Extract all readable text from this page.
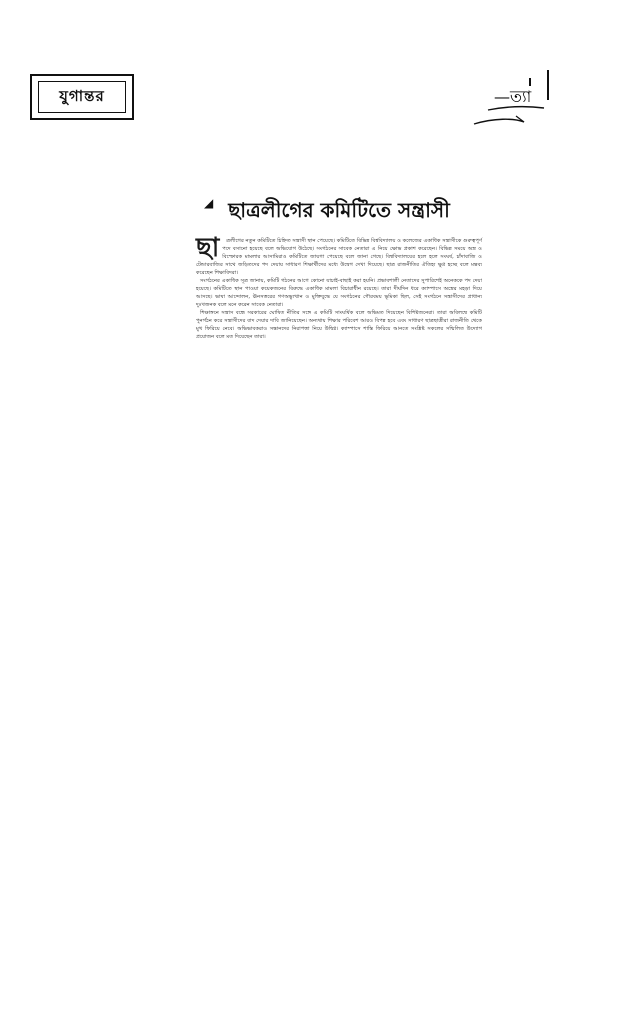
যুগান্তর	—ত্যা
◢ ছাত্রলীগের কমিটিতে সন্ত্রাসী
ছা	ত্রলীগের নতুন কমিটিতে চিহ্নিত সন্ত্রাসী স্থান পেয়েছে। কমিটিতে বিভিন্ন বিশ্ববিদ্যালয় ও কলেজের একাধিক সন্ত্রাসীকে গুরুত্বপূর্ণ পদে বসানো হয়েছে বলে অভিযোগ উঠেছে। সংগঠনের সাবেক নেতারা এ নিয়ে ক্ষোভ প্রকাশ করেছেন। বিভিন্ন সময়ে অস্ত্র ও বিস্ফোরক মামলার আসামিরাও কমিটিতে জায়গা পেয়েছে বলে জানা গেছে। বিশ্ববিদ্যালয়ের হলে হলে সংঘর্ষ, চাঁদাবাজি ও টেন্ডারবাজির সাথে জড়িতদের পদ দেয়ায় সাধারণ শিক্ষার্থীদের মধ্যে উদ্বেগ দেখা দিয়েছে। ছাত্র রাজনীতির ঐতিহ্য ক্ষুণ্ণ হচ্ছে বলে মন্তব্য করেছেন শিক্ষাবিদরা।

সংগঠনের একাধিক সূত্র জানায়, কমিটি গঠনের আগে কোনো যাচাই-বাছাই করা হয়নি। প্রভাবশালী নেতাদের সুপারিশেই অনেককে পদ দেয়া হয়েছে। কমিটিতে স্থান পাওয়া কয়েকজনের বিরুদ্ধে একাধিক মামলা বিচারাধীন রয়েছে। তারা দীর্ঘদিন ধরে ক্যাম্পাসে অস্ত্রের মহড়া দিয়ে আসছে। ভাষা আন্দোলন, ঊনসত্তরের গণঅভ্যুত্থান ও মুক্তিযুদ্ধে যে সংগঠনের গৌরবময় ভূমিকা ছিল, সেই সংগঠনে সন্ত্রাসীদের প্রাধান্য দুঃখজনক বলে মনে করেন সাবেক নেতারা।

শিক্ষাঙ্গনে সন্ত্রাস বন্ধে সরকারের ঘোষিত নীতির সঙ্গে এ কমিটি সাংঘর্ষিক বলে অভিমত দিয়েছেন বিশিষ্টজনেরা। তারা অবিলম্বে কমিটি পুনর্গঠন করে সন্ত্রাসীদের বাদ দেয়ার দাবি জানিয়েছেন। অন্যথায় শিক্ষার পরিবেশ আরও বিপন্ন হবে এবং সাধারণ ছাত্রছাত্রীরা রাজনীতি থেকে মুখ ফিরিয়ে নেবে। অভিভাবকরাও সন্তানদের নিরাপত্তা নিয়ে উদ্বিগ্ন। ক্যাম্পাসে শান্তি ফিরিয়ে আনতে সংশ্লিষ্ট সকলের সম্মিলিত উদ্যোগ প্রয়োজন বলে মত দিয়েছেন তারা।
